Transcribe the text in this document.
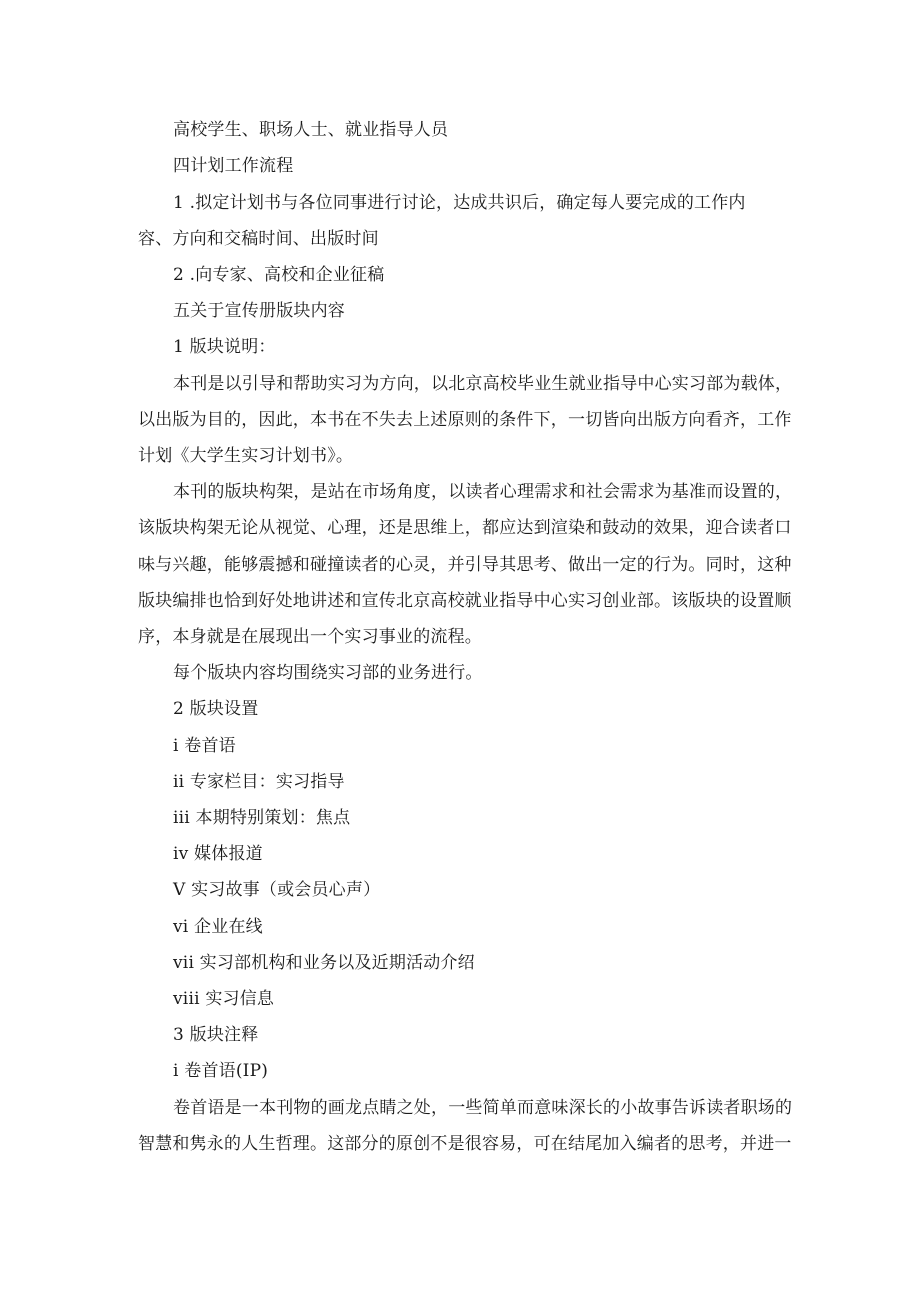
高校学生、职场人士、就业指导人员
四计划工作流程
1 .拟定计划书与各位同事进行讨论，达成共识后，确定每人要完成的工作内
容、方向和交稿时间、出版时间
2 .向专家、高校和企业征稿
五关于宣传册版块内容
1 版块说明：
本刊是以引导和帮助实习为方向，以北京高校毕业生就业指导中心实习部为载体，
以出版为目的，因此，本书在不失去上述原则的条件下，一切皆向出版方向看齐，工作
计划《大学生实习计划书》。
本刊的版块构架，是站在市场角度，以读者心理需求和社会需求为基准而设置的，
该版块构架无论从视觉、心理，还是思维上，都应达到渲染和鼓动的效果，迎合读者口
味与兴趣，能够震撼和碰撞读者的心灵，并引导其思考、做出一定的行为。同时，这种
版块编排也恰到好处地讲述和宣传北京高校就业指导中心实习创业部。该版块的设置顺
序，本身就是在展现出一个实习事业的流程。
每个版块内容均围绕实习部的业务进行。
2 版块设置
i 卷首语
ii 专家栏目：实习指导
iii 本期特别策划：焦点
iv 媒体报道
V 实习故事（或会员心声）
vi 企业在线
vii 实习部机构和业务以及近期活动介绍
viii 实习信息
3 版块注释
i 卷首语(IP)
卷首语是一本刊物的画龙点睛之处，一些简单而意味深长的小故事告诉读者职场的
智慧和隽永的人生哲理。这部分的原创不是很容易，可在结尾加入编者的思考，并进一
